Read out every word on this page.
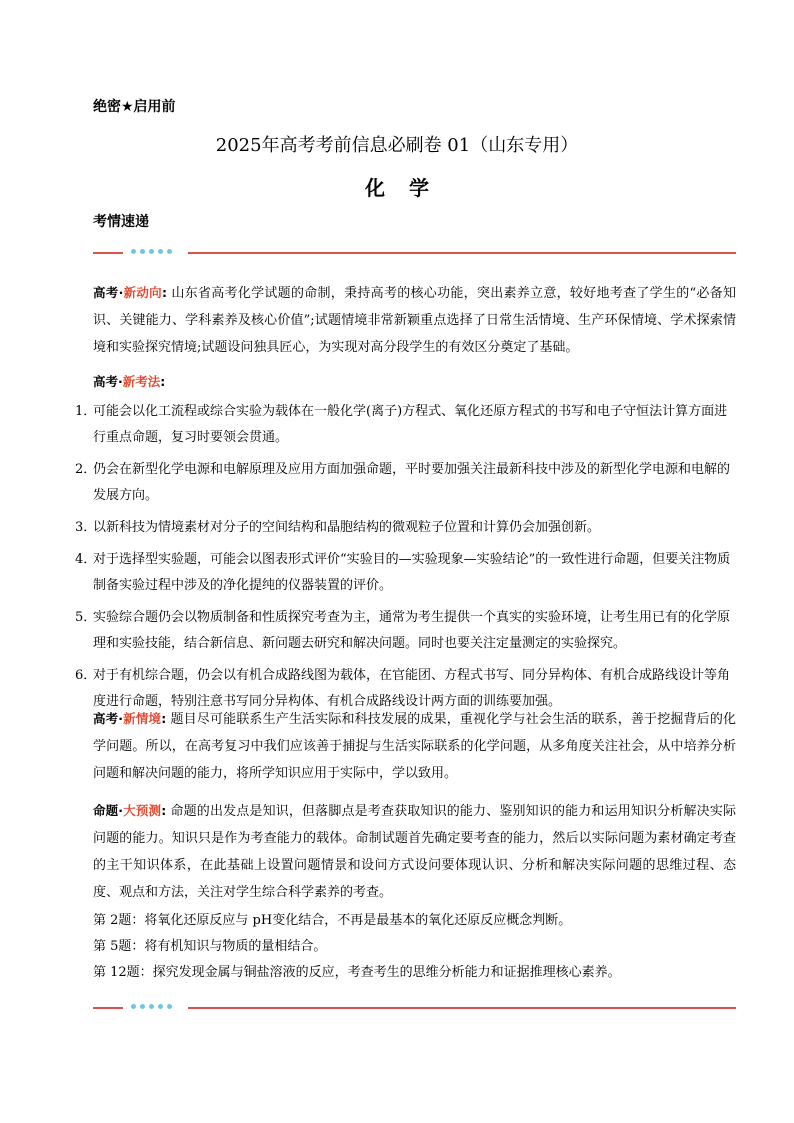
绝密★启用前
2025年高考考前信息必刷卷 01（山东专用）
化学
考情速递
高考·新动向: 山东省高考化学试题的命制，秉持高考的核心功能，突出素养立意，较好地考查了学生的“必备知识、关键能力、学科素养及核心价值”;试题情境非常新颖重点选择了日常生活情境、生产环保情境、学术探索情境和实验探究情境;试题设问独具匠心，为实现对高分段学生的有效区分奠定了基础。
高考·新考法:
1．
可能会以化工流程或综合实验为载体在一般化学(离子)方程式、氧化还原方程式的书写和电子守恒法计算方面进行重点命题，复习时要领会贯通。
2．
仍会在新型化学电源和电解原理及应用方面加强命题，平时要加强关注最新科技中涉及的新型化学电源和电解的发展方向。
3．
以新科技为情境素材对分子的空间结构和晶胞结构的微观粒子位置和计算仍会加强创新。
4．
对于选择型实验题，可能会以图表形式评价“实验目的—实验现象—实验结论”的一致性进行命题，但要关注物质制备实验过程中涉及的净化提纯的仪器装置的评价。
5．
实验综合题仍会以物质制备和性质探究考查为主，通常为考生提供一个真实的实验环境，让考生用已有的化学原理和实验技能，结合新信息、新问题去研究和解决问题。同时也要关注定量测定的实验探究。
6．
对于有机综合题，仍会以有机合成路线图为载体，在官能团、方程式书写、同分异构体、有机合成路线设计等角度进行命题，特别注意书写同分异构体、有机合成路线设计两方面的训练要加强。
高考·新情境: 题目尽可能联系生产生活实际和科技发展的成果，重视化学与社会生活的联系，善于挖掘背后的化学问题。所以，在高考复习中我们应该善于捕捉与生活实际联系的化学问题，从多角度关注社会，从中培养分析问题和解决问题的能力，将所学知识应用于实际中，学以致用。
命题·大预测: 命题的出发点是知识，但落脚点是考查获取知识的能力、鉴别知识的能力和运用知识分析解决实际问题的能力。知识只是作为考查能力的载体。命制试题首先确定要考查的能力，然后以实际问题为素材确定考查的主干知识体系，在此基础上设置问题情景和设问方式设问要体现认识、分析和解决实际问题的思维过程、态度、观点和方法，关注对学生综合科学素养的考查。
第 2题：将氧化还原反应与 pH变化结合，不再是最基本的氧化还原反应概念判断。
第 5题：将有机知识与物质的量相结合。
第 12题：探究发现金属与铜盐溶液的反应，考查考生的思维分析能力和证据推理核心素养。
